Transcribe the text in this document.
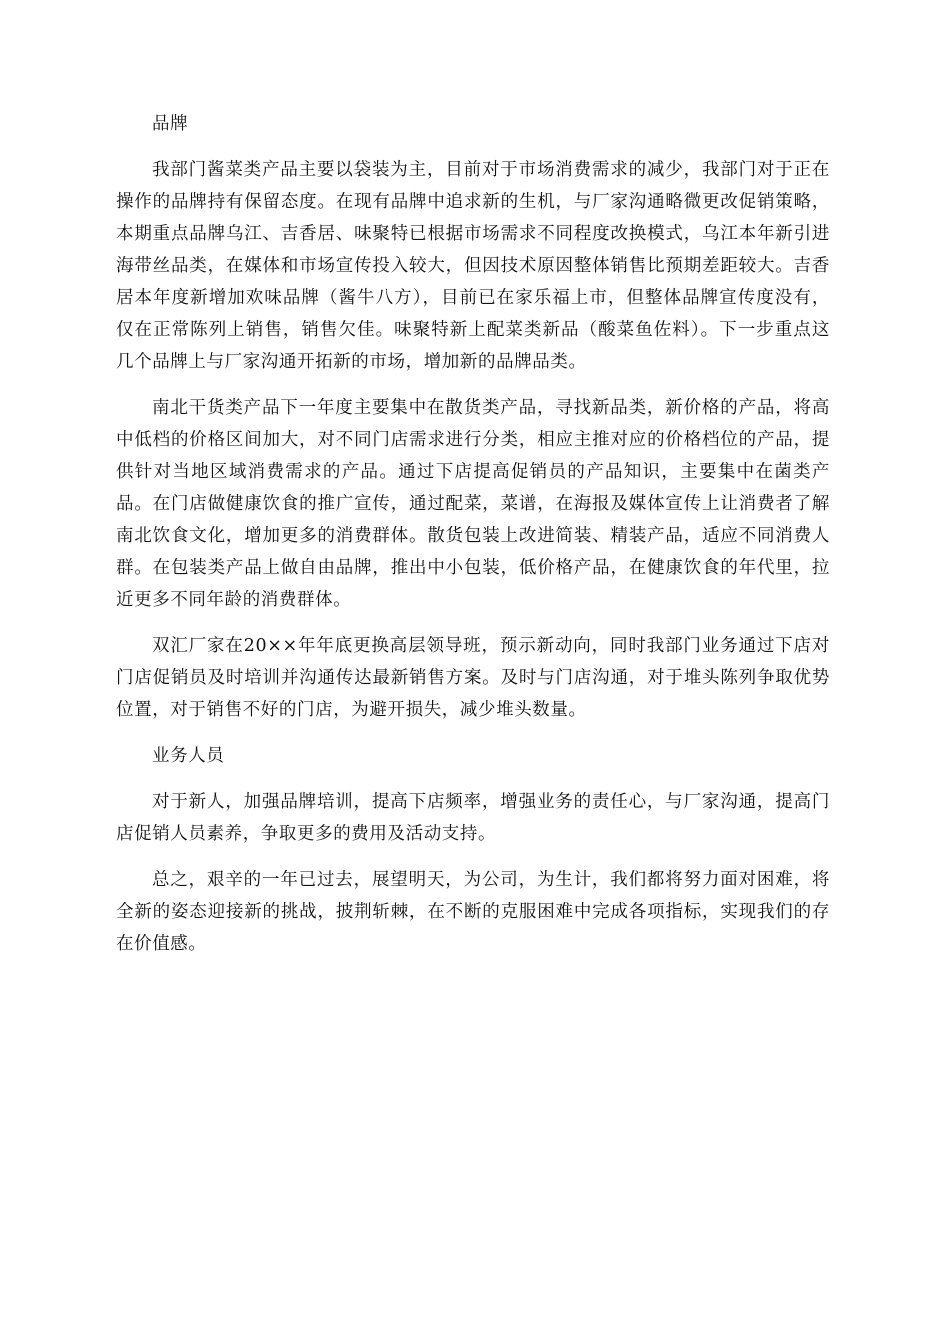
品牌

我部门酱菜类产品主要以袋装为主，目前对于市场消费需求的减少，我部门对于正在操作的品牌持有保留态度。在现有品牌中追求新的生机，与厂家沟通略微更改促销策略，本期重点品牌乌江、吉香居、味聚特已根据市场需求不同程度改换模式，乌江本年新引进海带丝品类，在媒体和市场宣传投入较大，但因技术原因整体销售比预期差距较大。吉香居本年度新增加欢味品牌（酱牛八方），目前已在家乐福上市，但整体品牌宣传度没有，仅在正常陈列上销售，销售欠佳。味聚特新上配菜类新品（酸菜鱼佐料）。下一步重点这几个品牌上与厂家沟通开拓新的市场，增加新的品牌品类。

南北干货类产品下一年度主要集中在散货类产品，寻找新品类，新价格的产品，将高中低档的价格区间加大，对不同门店需求进行分类，相应主推对应的价格档位的产品，提供针对当地区域消费需求的产品。通过下店提高促销员的产品知识，主要集中在菌类产品。在门店做健康饮食的推广宣传，通过配菜，菜谱，在海报及媒体宣传上让消费者了解南北饮食文化，增加更多的消费群体。散货包装上改进简装、精装产品，适应不同消费人群。在包装类产品上做自由品牌，推出中小包装，低价格产品，在健康饮食的年代里，拉近更多不同年龄的消费群体。

双汇厂家在20××年年底更换高层领导班，预示新动向，同时我部门业务通过下店对门店促销员及时培训并沟通传达最新销售方案。及时与门店沟通，对于堆头陈列争取优势位置，对于销售不好的门店，为避开损失，减少堆头数量。

业务人员

对于新人，加强品牌培训，提高下店频率，增强业务的责任心，与厂家沟通，提高门店促销人员素养，争取更多的费用及活动支持。

总之，艰辛的一年已过去，展望明天，为公司，为生计，我们都将努力面对困难，将全新的姿态迎接新的挑战，披荆斩棘，在不断的克服困难中完成各项指标，实现我们的存在价值感。
